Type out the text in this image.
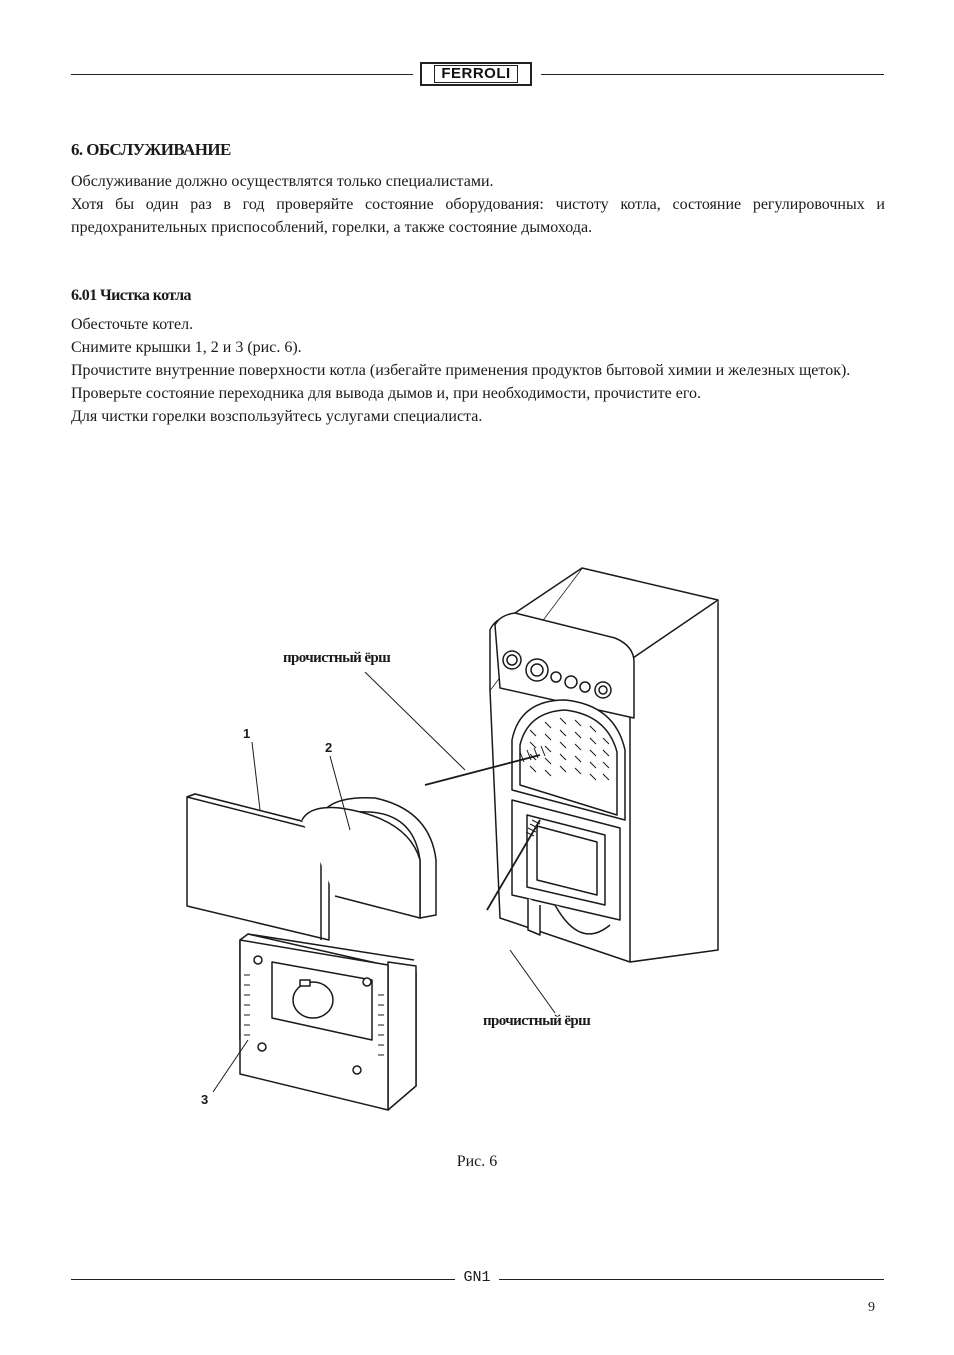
FERROLI
6. ОБСЛУЖИВАНИЕ

Обслуживание должно осуществлятся только специалистами.

Хотя бы один раз в год проверяйте состояние оборудования: чистоту котла, состояние регулировочных и предохранительных приспособлений, горелки, а также состояние дымохода.

6.01 Чистка котла

Обесточьте котел.

Снимите крышки 1, 2 и 3 (рис. 6).

Прочистите внутренние поверхности котла (избегайте применения продуктов бытовой химии и железных щеток).

Проверьте состояние переходника для вывода дымов и, при необходимости, прочистите его.

Для чистки горелки возспользуйтесь услугами специалиста.

1
2
3
прочистный ёрш
прочистный ёрш
Рис. 6
GN1
9
